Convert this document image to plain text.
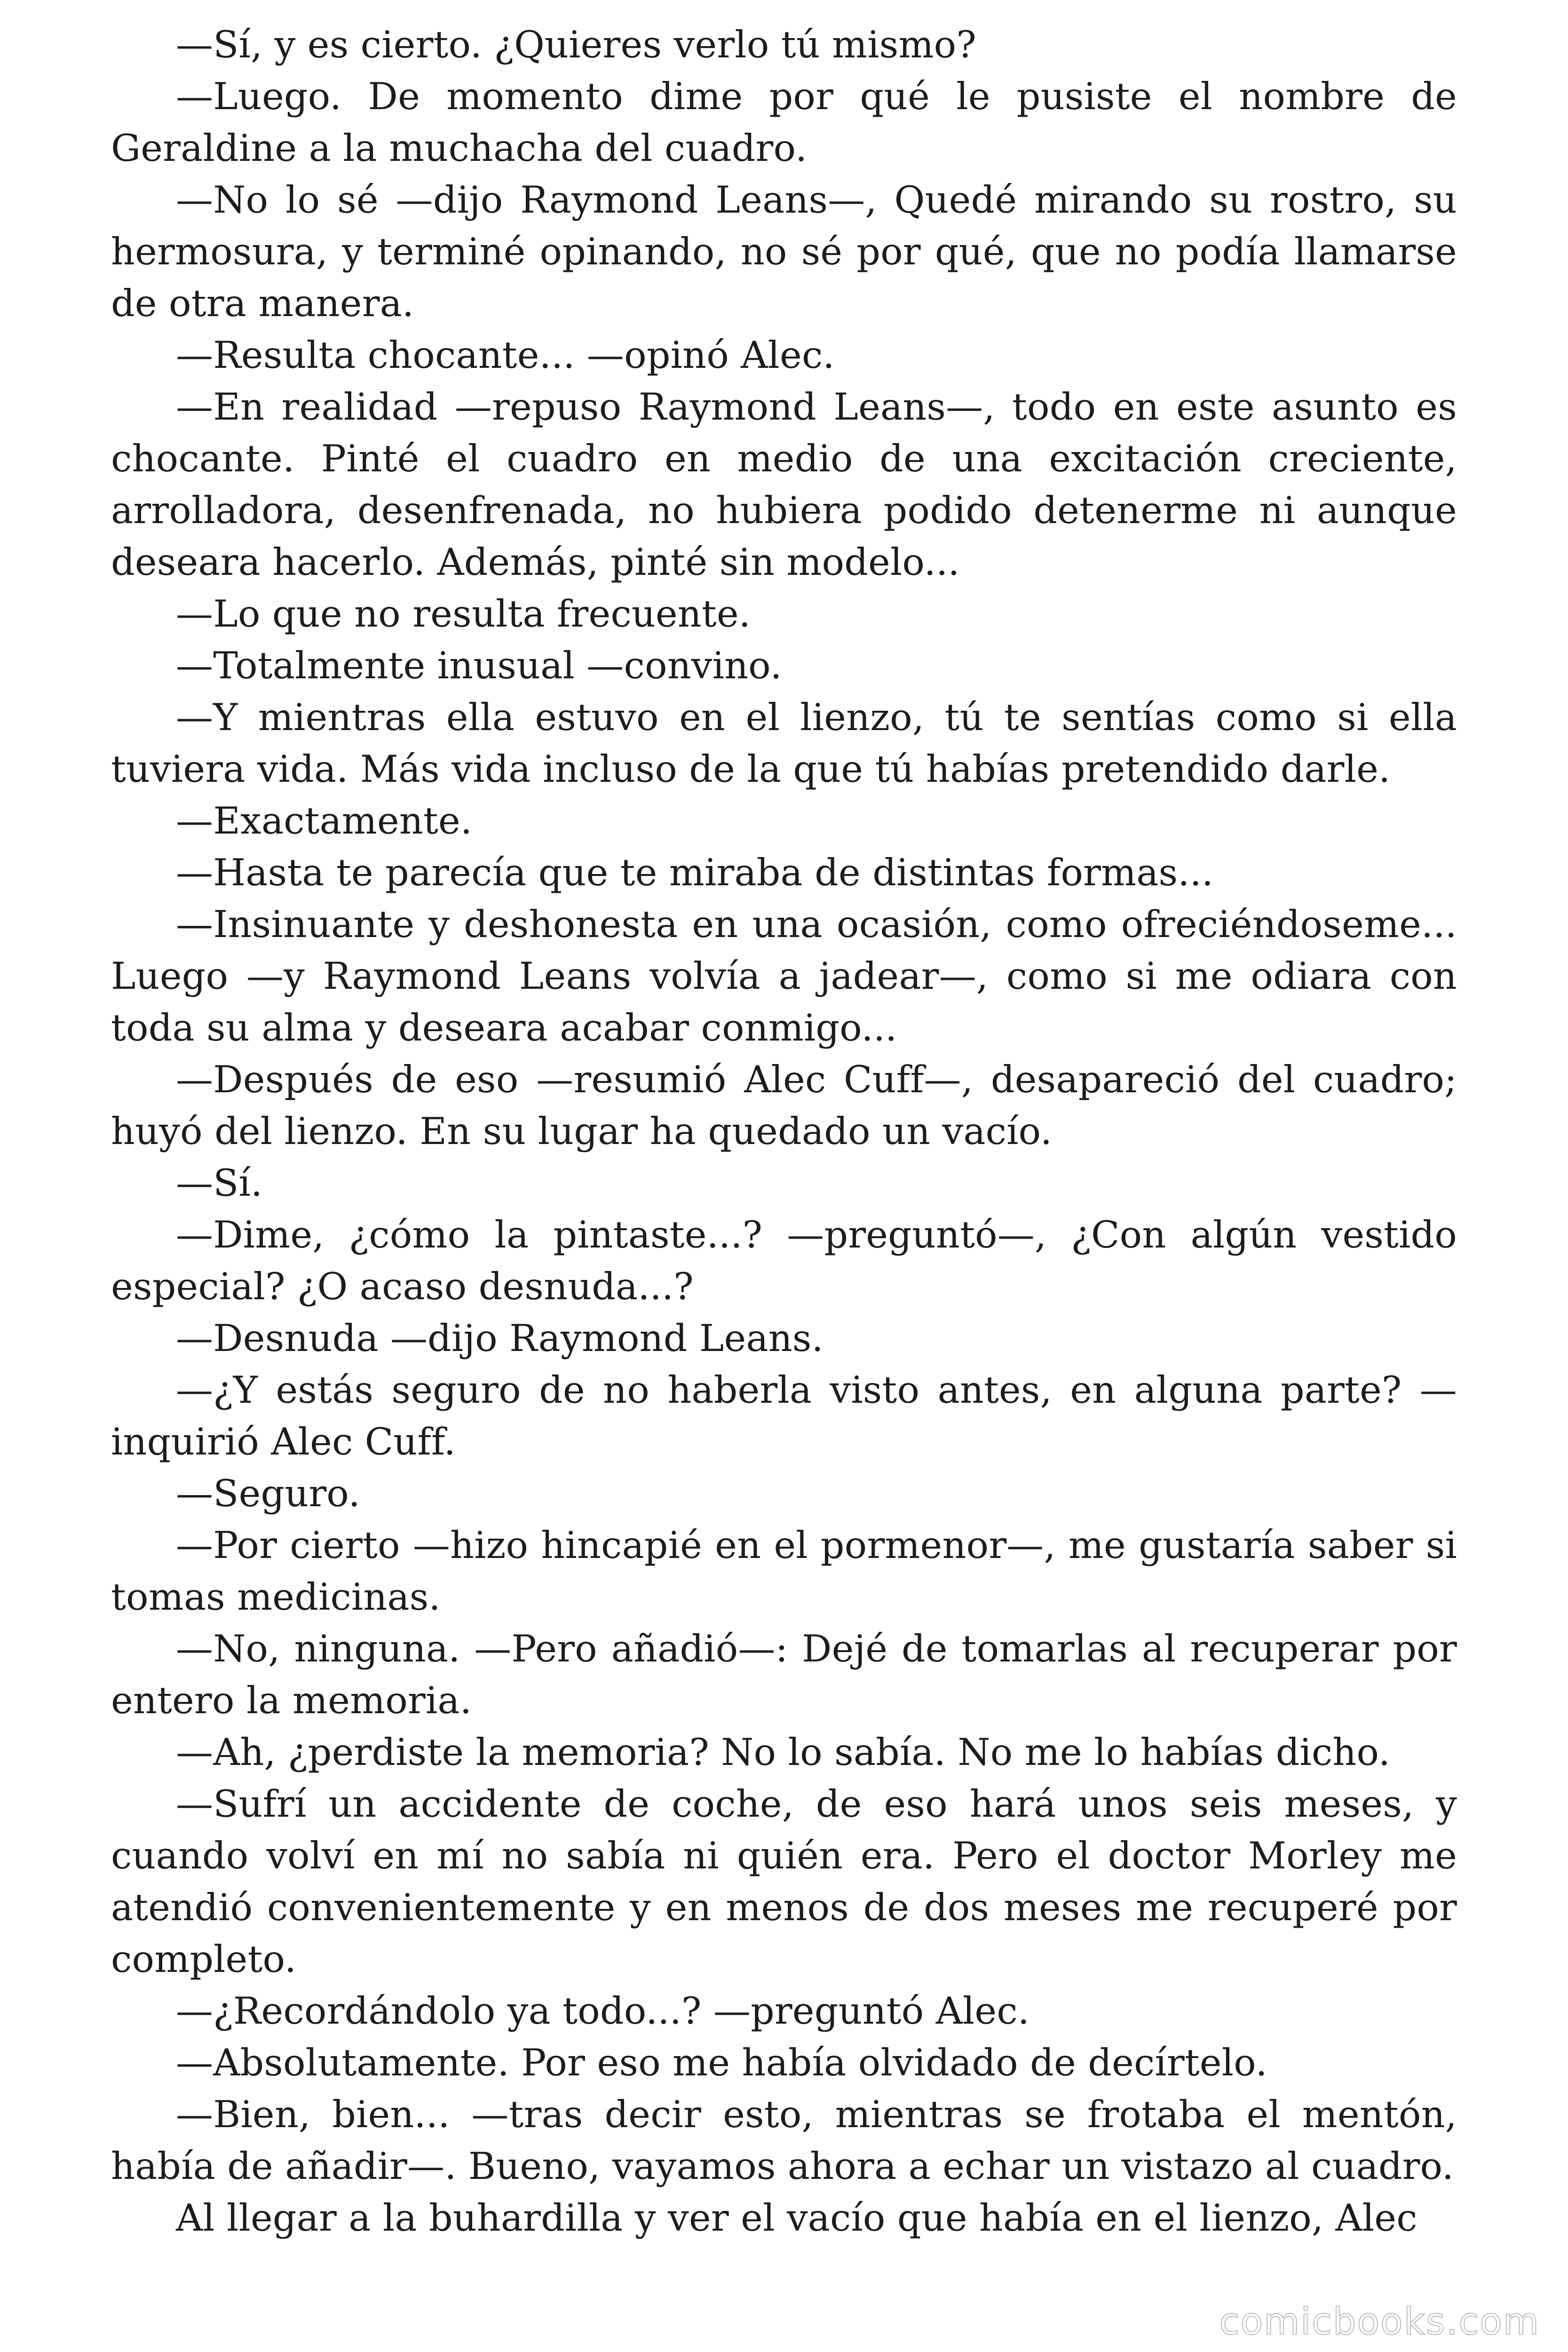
—Sí, y es cierto. ¿Quieres verlo tú mismo?

—Luego. De momento dime por qué le pusiste el nombre de Geraldine a la muchacha del cuadro.

—No lo sé —dijo Raymond Leans—, Quedé mirando su rostro, su hermosura, y terminé opinando, no sé por qué, que no podía llamarse de otra manera.

—Resulta chocante... —opinó Alec.

—En realidad —repuso Raymond Leans—, todo en este asunto es chocante. Pinté el cuadro en medio de una excitación creciente, arrolladora, desenfrenada, no hubiera podido detenerme ni aunque deseara hacerlo. Además, pinté sin modelo...

—Lo que no resulta frecuente.

—Totalmente inusual —convino.

—Y mientras ella estuvo en el lienzo, tú te sentías como si ella tuviera vida. Más vida incluso de la que tú habías pretendido darle.

—Exactamente.

—Hasta te parecía que te miraba de distintas formas...

—Insinuante y deshonesta en una ocasión, como ofreciéndoseme... Luego —y Raymond Leans volvía a jadear—, como si me odiara con toda su alma y deseara acabar conmigo...

—Después de eso —resumió Alec Cuff—, desapareció del cuadro; huyó del lienzo. En su lugar ha quedado un vacío.

—Sí.

—Dime, ¿cómo la pintaste...? —preguntó—, ¿Con algún vestido especial? ¿O acaso desnuda...?

—Desnuda —dijo Raymond Leans.

—¿Y estás seguro de no haberla visto antes, en alguna parte? —inquirió Alec Cuff.

—Seguro.

—Por cierto —hizo hincapié en el pormenor—, me gustaría saber si tomas medicinas.

—No, ninguna. —Pero añadió—: Dejé de tomarlas al recuperar por entero la memoria.

—Ah, ¿perdiste la memoria? No lo sabía. No me lo habías dicho.

—Sufrí un accidente de coche, de eso hará unos seis meses, y cuando volví en mí no sabía ni quién era. Pero el doctor Morley me atendió convenientemente y en menos de dos meses me recuperé por completo.

—¿Recordándolo ya todo...? —preguntó Alec.

—Absolutamente. Por eso me había olvidado de decírtelo.

—Bien, bien... —tras decir esto, mientras se frotaba el mentón, había de añadir—. Bueno, vayamos ahora a echar un vistazo al cuadro.

Al llegar a la buhardilla y ver el vacío que había en el lienzo, Alec

comicbooks.com
